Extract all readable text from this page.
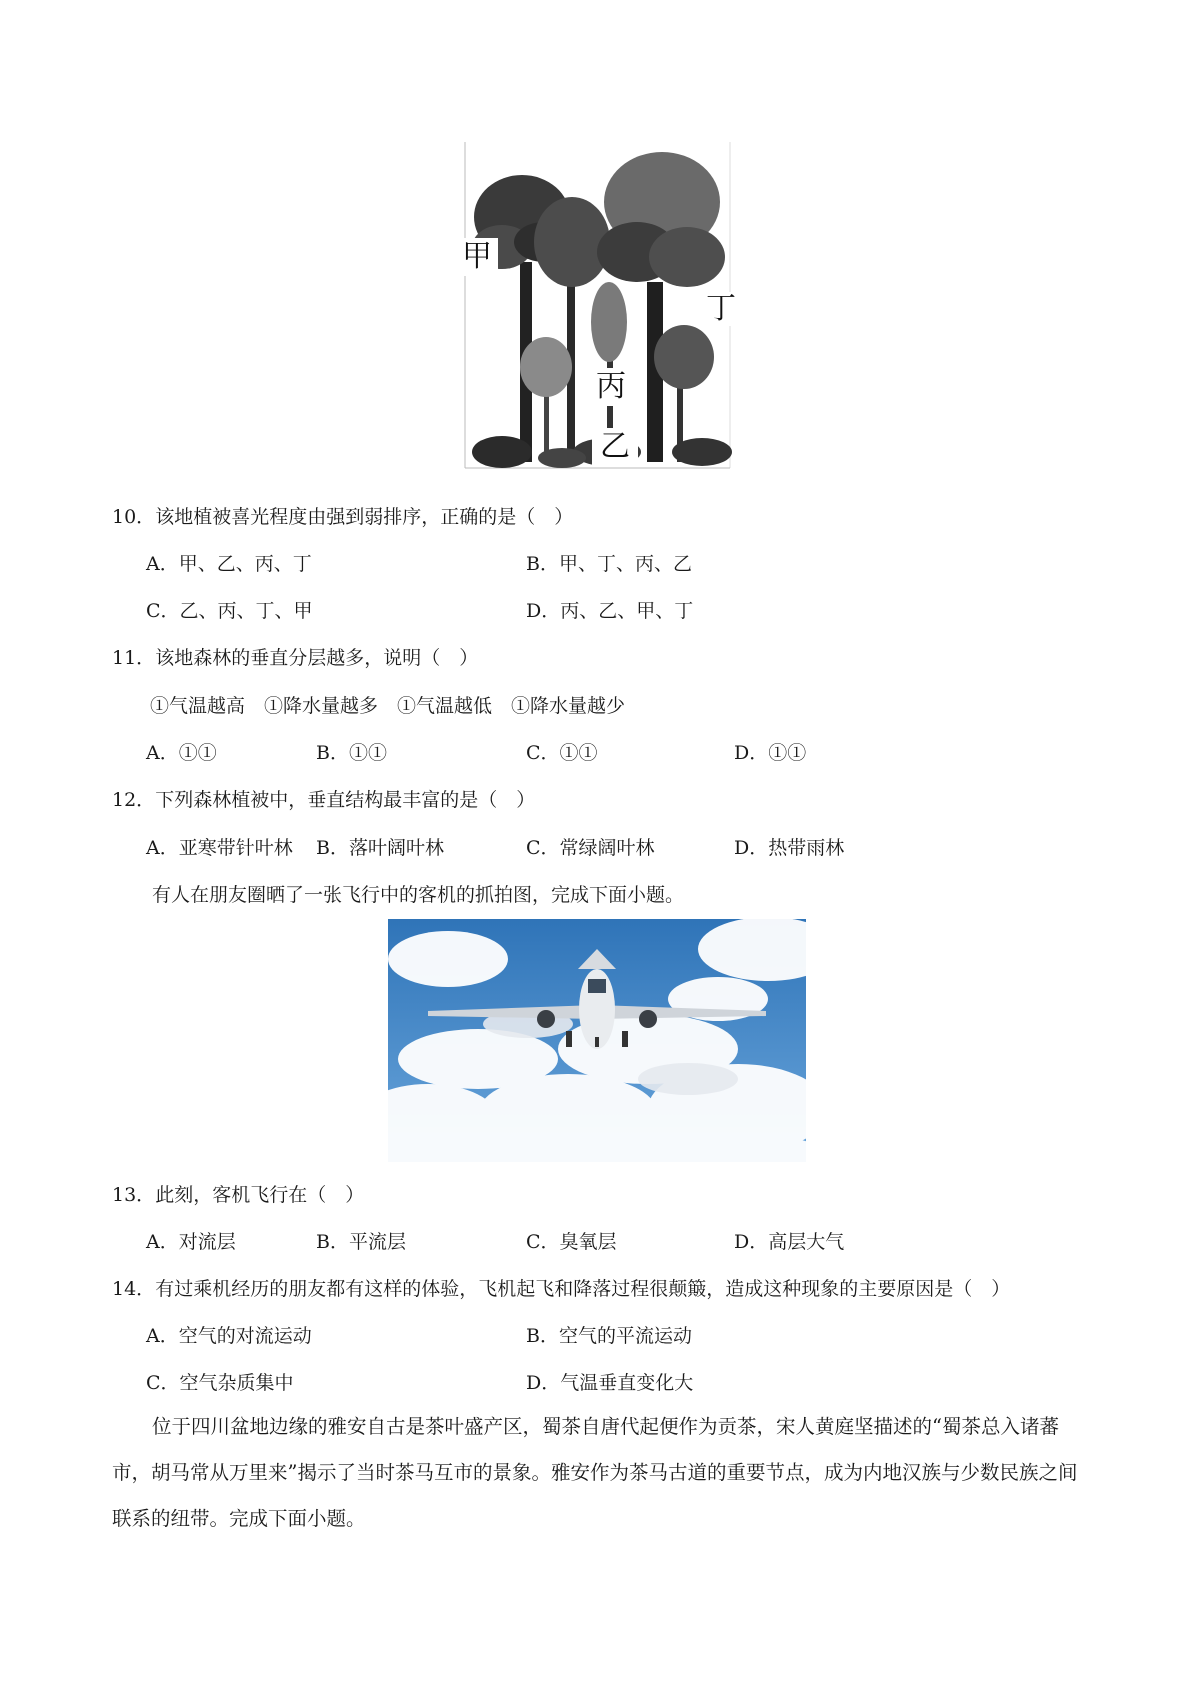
甲
丙
丁
乙
10．该地植被喜光程度由强到弱排序，正确的是（　）
A．甲、乙、丙、丁	B．甲、丁、丙、乙
C．乙、丙、丁、甲	D．丙、乙、甲、丁
11．该地森林的垂直分层越多，说明（　）
①气温越高　①降水量越多　①气温越低　①降水量越少
A．①①	B．①①	C．①①	D．①①
12．下列森林植被中，垂直结构最丰富的是（　）
A．亚寒带针叶林 B．落叶阔叶林	C．常绿阔叶林	D．热带雨林
有人在朋友圈晒了一张飞行中的客机的抓拍图，完成下面小题。
13．此刻，客机飞行在（　）
A．对流层	B．平流层	C．臭氧层	D．高层大气
14．有过乘机经历的朋友都有这样的体验，飞机起飞和降落过程很颠簸，造成这种现象的主要原因是（　）
A．空气的对流运动	B．空气的平流运动
C．空气杂质集中	D．气温垂直变化大
位于四川盆地边缘的雅安自古是茶叶盛产区，蜀茶自唐代起便作为贡茶，宋人黄庭坚描述的“蜀茶总入诸蕃市，胡马常从万里来”揭示了当时茶马互市的景象。雅安作为茶马古道的重要节点，成为内地汉族与少数民族之间联系的纽带。完成下面小题。
